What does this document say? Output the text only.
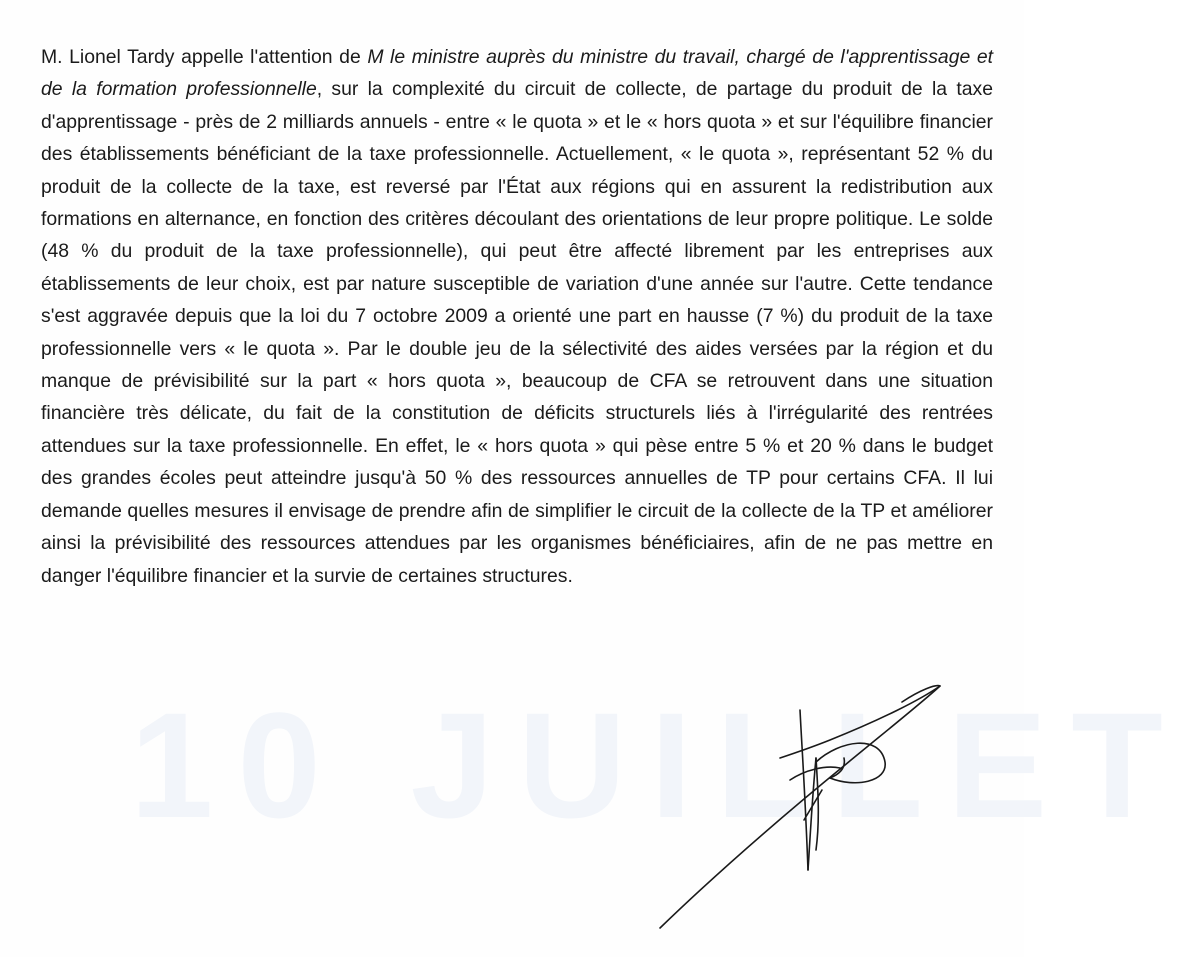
10 JUILLET

M. Lionel Tardy appelle l'attention de M le ministre auprès du ministre du travail, chargé de l'apprentissage et de la formation professionnelle, sur la complexité du circuit de collecte, de partage du produit de la taxe d'apprentissage - près de 2 milliards annuels - entre « le quota » et le « hors quota » et sur l'équilibre financier des établissements bénéficiant de la taxe professionnelle. Actuellement, « le quota », représentant 52 % du produit de la collecte de la taxe, est reversé par l'État aux régions qui en assurent la redistribution aux formations en alternance, en fonction des critères découlant des orientations de leur propre politique. Le solde (48 % du produit de la taxe professionnelle), qui peut être affecté librement par les entreprises aux établissements de leur choix, est par nature susceptible de variation d'une année sur l'autre. Cette tendance s'est aggravée depuis que la loi du 7 octobre 2009 a orienté une part en hausse (7 %) du produit de la taxe professionnelle vers « le quota ». Par le double jeu de la sélectivité des aides versées par la région et du manque de prévisibilité sur la part « hors quota », beaucoup de CFA se retrouvent dans une situation financière très délicate, du fait de la constitution de déficits structurels liés à l'irrégularité des rentrées attendues sur la taxe professionnelle. En effet, le « hors quota » qui pèse entre 5 % et 20 % dans le budget des grandes écoles peut atteindre jusqu'à 50 % des ressources annuelles de TP pour certains CFA. Il lui demande quelles mesures il envisage de prendre afin de simplifier le circuit de la collecte de la TP et améliorer ainsi la prévisibilité des ressources attendues par les organismes bénéficiaires, afin de ne pas mettre en danger l'équilibre financier et la survie de certaines structures.
